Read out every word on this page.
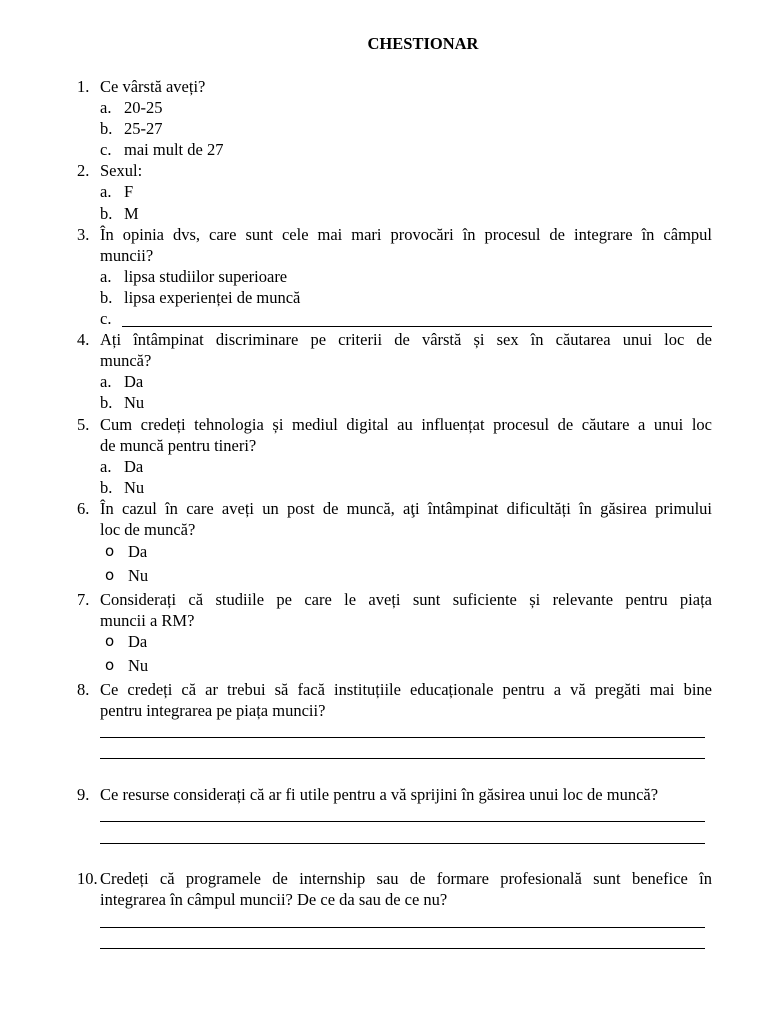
CHESTIONAR
1. Ce vârstă aveți?
a. 20-25
b. 25-27
c. mai mult de 27
2. Sexul:
a. F
b. M
3. În opinia dvs, care sunt cele mai mari provocări în procesul de integrare în câmpul
muncii?
a. lipsa studiilor superioare
b. lipsa experienței de muncă
c.
4. Ați întâmpinat discriminare pe criterii de vârstă și sex în căutarea unui loc de
muncă?
a. Da
b. Nu
5. Cum credeți tehnologia și mediul digital au influențat procesul de căutare a unui loc
de muncă pentru tineri?
a. Da
b. Nu
6. În cazul în care aveți un post de muncă, aţi întâmpinat dificultăți în găsirea primului
loc de muncă?
o Da
o Nu
7. Considerați că studiile pe care le aveți sunt suficiente și relevante pentru piața
muncii a RM?
o Da
o Nu
8. Ce credeți că ar trebui să facă instituțiile educaționale pentru a vă pregăti mai bine
pentru integrarea pe piața muncii?
9. Ce resurse considerați că ar fi utile pentru a vă sprijini în găsirea unui loc de muncă?
10. Credeți că programele de internship sau de formare profesională sunt benefice în
integrarea în câmpul muncii? De ce da sau de ce nu?
